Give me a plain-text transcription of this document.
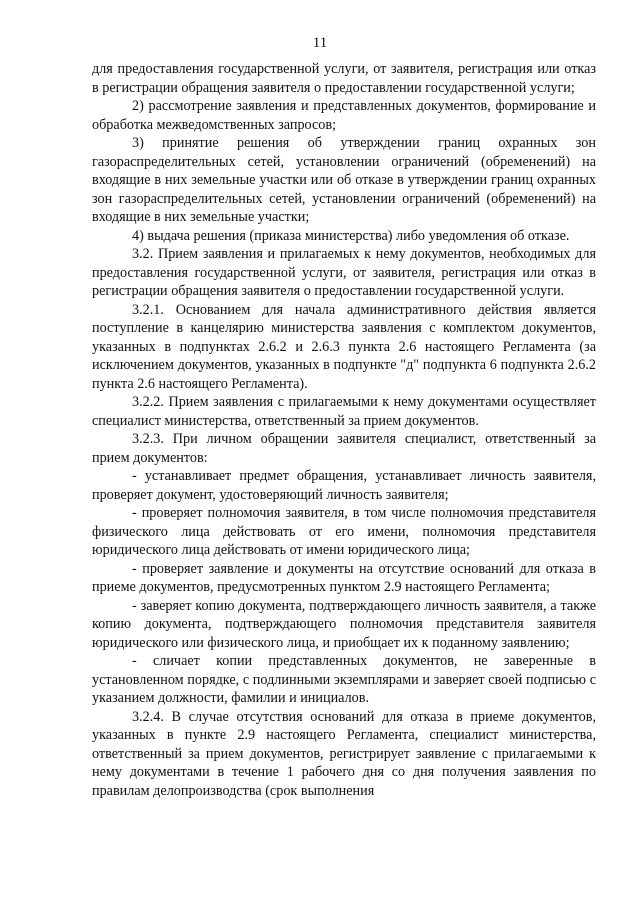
11

для предоставления государственной услуги, от заявителя, регистрация или отказ в регистрации обращения заявителя о предоставлении государственной услуги;

2) рассмотрение заявления и представленных документов, формирование и обработка межведомственных запросов;

3) принятие решения об утверждении границ охранных зон газораспределительных сетей, установлении ограничений (обременений) на входящие в них земельные участки или об отказе в утверждении границ охранных зон газораспределительных сетей, установлении ограничений (обременений) на входящие в них земельные участки;

4) выдача решения (приказа министерства) либо уведомления об отказе.

3.2. Прием заявления и прилагаемых к нему документов, необходимых для предоставления государственной услуги, от заявителя, регистрация или отказ в регистрации обращения заявителя о предоставлении государственной услуги.

3.2.1. Основанием для начала административного действия является поступление в канцелярию министерства заявления с комплектом документов, указанных в подпунктах 2.6.2 и 2.6.3 пункта 2.6 настоящего Регламента (за исключением документов, указанных в подпункте "д" подпункта 6 подпункта 2.6.2 пункта 2.6 настоящего Регламента).

3.2.2. Прием заявления с прилагаемыми к нему документами осуществляет специалист министерства, ответственный за прием документов.

3.2.3. При личном обращении заявителя специалист, ответственный за прием документов:

- устанавливает предмет обращения, устанавливает личность заявителя, проверяет документ, удостоверяющий личность заявителя;

- проверяет полномочия заявителя, в том числе полномочия представителя физического лица действовать от его имени, полномочия представителя юридического лица действовать от имени юридического лица;

- проверяет заявление и документы на отсутствие оснований для отказа в приеме документов, предусмотренных пунктом 2.9 настоящего Регламента;

- заверяет копию документа, подтверждающего личность заявителя, а также копию документа, подтверждающего полномочия представителя заявителя юридического или физического лица, и приобщает их к поданному заявлению;

- сличает копии представленных документов, не заверенные в установленном порядке, с подлинными экземплярами и заверяет своей подписью с указанием должности, фамилии и инициалов.

3.2.4. В случае отсутствия оснований для отказа в приеме документов, указанных в пункте 2.9 настоящего Регламента, специалист министерства, ответственный за прием документов, регистрирует заявление с прилагаемыми к нему документами в течение 1 рабочего дня со дня получения заявления по правилам делопроизводства (срок выполнения
